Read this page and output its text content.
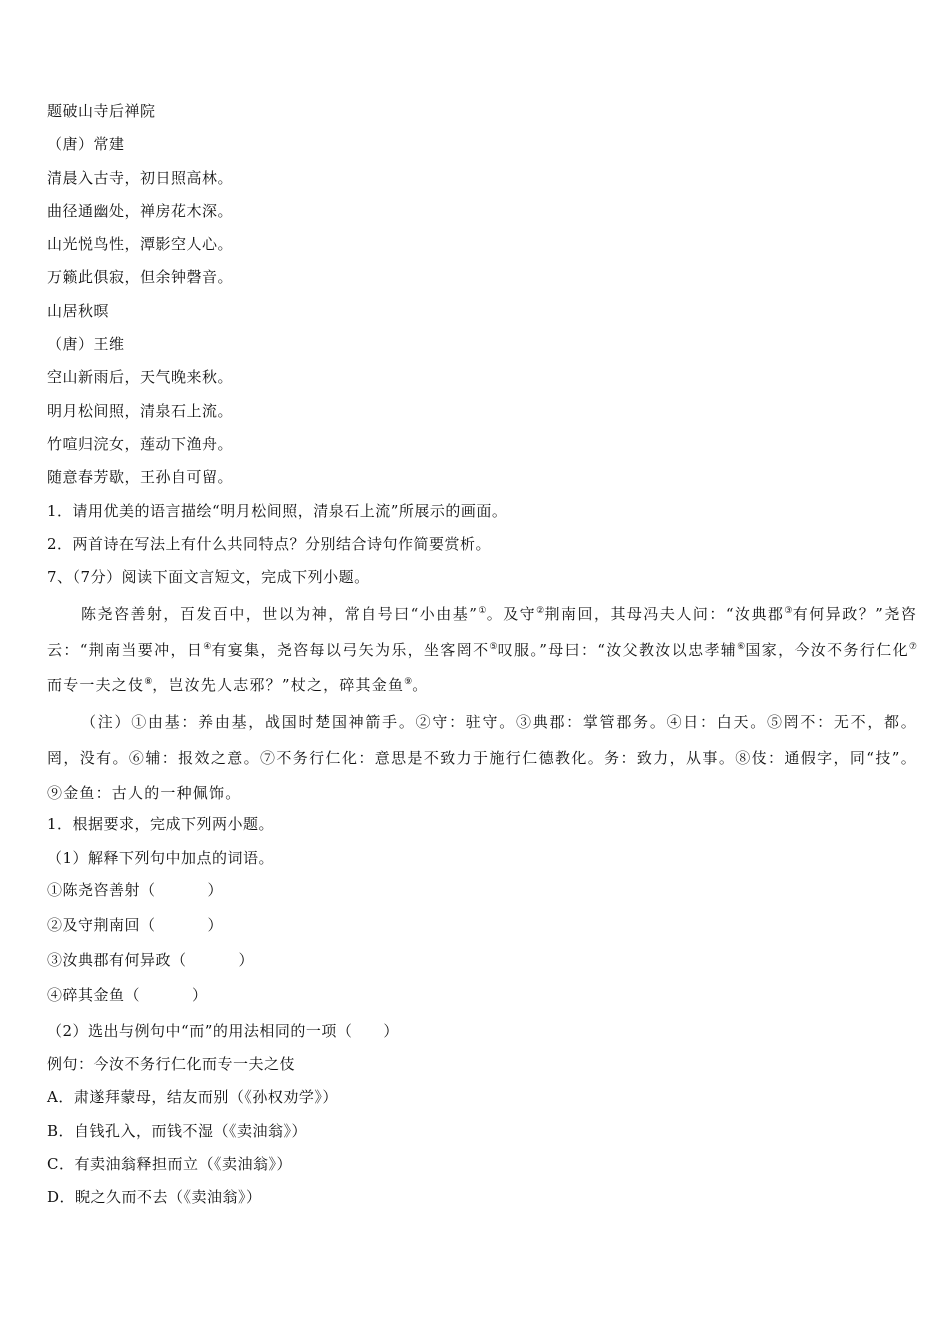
题破山寺后禅院
（唐）常建
清晨入古寺，初日照高林。
曲径通幽处，禅房花木深。
山光悦鸟性，潭影空人心。
万籁此俱寂，但余钟磬音。
山居秋暝
（唐）王维
空山新雨后，天气晚来秋。
明月松间照，清泉石上流。
竹喧归浣女，莲动下渔舟。
随意春芳歇，王孙自可留。
1．请用优美的语言描绘“明月松间照，清泉石上流”所展示的画面。
2．两首诗在写法上有什么共同特点？分别结合诗句作简要赏析。
7、（7分）阅读下面文言短文，完成下列小题。

陈尧咨善射，百发百中，世以为神，常自号曰“小由基”①。及守②荆南回，其母冯夫人问：“汝典郡③有何异政？”尧咨云：“荆南当要冲，日④有宴集，尧咨每以弓矢为乐，坐客罔不⑤叹服。”母曰：“汝父教汝以忠孝辅⑥国家，今汝不务行仁化⑦而专一夫之伎⑧，岂汝先人志邪？”杖之，碎其金鱼⑨。

（注）①由基：养由基，战国时楚国神箭手。②守：驻守。③典郡：掌管郡务。④日：白天。⑤罔不：无不，都。罔，没有。⑥辅：报效之意。⑦不务行仁化：意思是不致力于施行仁德教化。务：致力，从事。⑧伎：通假字，同“技”。⑨金鱼：古人的一种佩饰。

1．根据要求，完成下列两小题。
（1）解释下列句中加点的词语。
①陈尧咨善射（	）
②及守荆南回（	）
③汝典郡有何异政（	）
④碎其金鱼（	）
（2）选出与例句中“而”的用法相同的一项（　　）
例句：今汝不务行仁化而专一夫之伎
A．肃遂拜蒙母，结友而别（《孙权劝学》）
B．自钱孔入，而钱不湿（《卖油翁》）
C．有卖油翁释担而立（《卖油翁》）
D．睨之久而不去（《卖油翁》）
